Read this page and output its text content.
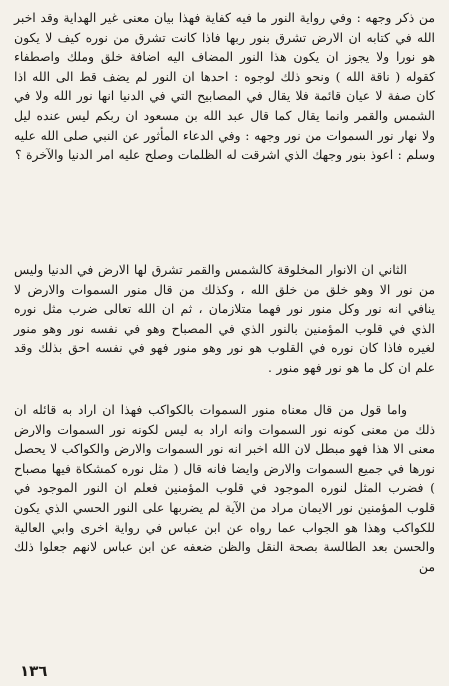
من ذكر وجهه : وفي رواية النور ما فيه كفاية فهذا بيان معنى غير الهداية وقد اخبر الله في كتابه ان الارض تشرق بنور ربها فاذا كانت تشرق من نوره كيف لا يكون هو نورا ولا يجوز ان يكون هذا النور المضاف اليه اضافة خلق وملك واصطفاء كقوله ( ناقة الله ) ونحو ذلك لوجوه : احدها ان النور لم يضف قط الى الله اذا كان صفة لا عيان قائمة فلا يقال في المصابيح التي في الدنيا انها نور الله ولا في الشمس والقمر وانما يقال كما قال عبد الله بن مسعود ان ربكم ليس عنده ليل ولا نهار نور السموات من نور وجهه : وفي الدعاء المأثور عن النبي صلى الله عليه وسلم : اعوذ بنور وجهك الذي اشرقت له الظلمات وصلح عليه امر الدنيا والآخرة ؟

الثاني ان الانوار المخلوقة كالشمس والقمر تشرق لها الارض في الدنيا وليس من نور الا وهو خلق من خلق الله ، وكذلك من قال منور السموات والارض لا ينافي انه نور وكل منور نور فهما متلازمان ، ثم ان الله تعالى ضرب مثل نوره الذي في قلوب المؤمنين بالنور الذي في المصباح وهو في نفسه نور وهو منور لغيره فاذا كان نوره في القلوب هو نور وهو منور فهو في نفسه احق بذلك وقد علم ان كل ما هو نور فهو منور .

واما قول من قال معناه منور السموات بالكواكب فهذا ان اراد به قائله ان ذلك من معنى كونه نور السموات وانه اراد به ليس لكونه نور السموات والارض معنى الا هذا فهو مبطل لان الله اخبر انه نور السموات والارض والكواكب لا يحصل نورها في جميع السموات والارض وايضا فانه قال ( مثل نوره كمشكاة فيها مصباح ) فضرب المثل لنوره الموجود في قلوب المؤمنين فعلم ان النور الموجود في قلوب المؤمنين نور الايمان مراد من الآية لم يضربها على النور الحسي الذي يكون للكواكب وهذا هو الجواب عما رواه عن ابن عباس في رواية اخرى وابي العالية والحسن بعد الطالسة بصحة النقل والظن ضعفه عن ابن عباس لانهم جعلوا ذلك من

١٣٦
